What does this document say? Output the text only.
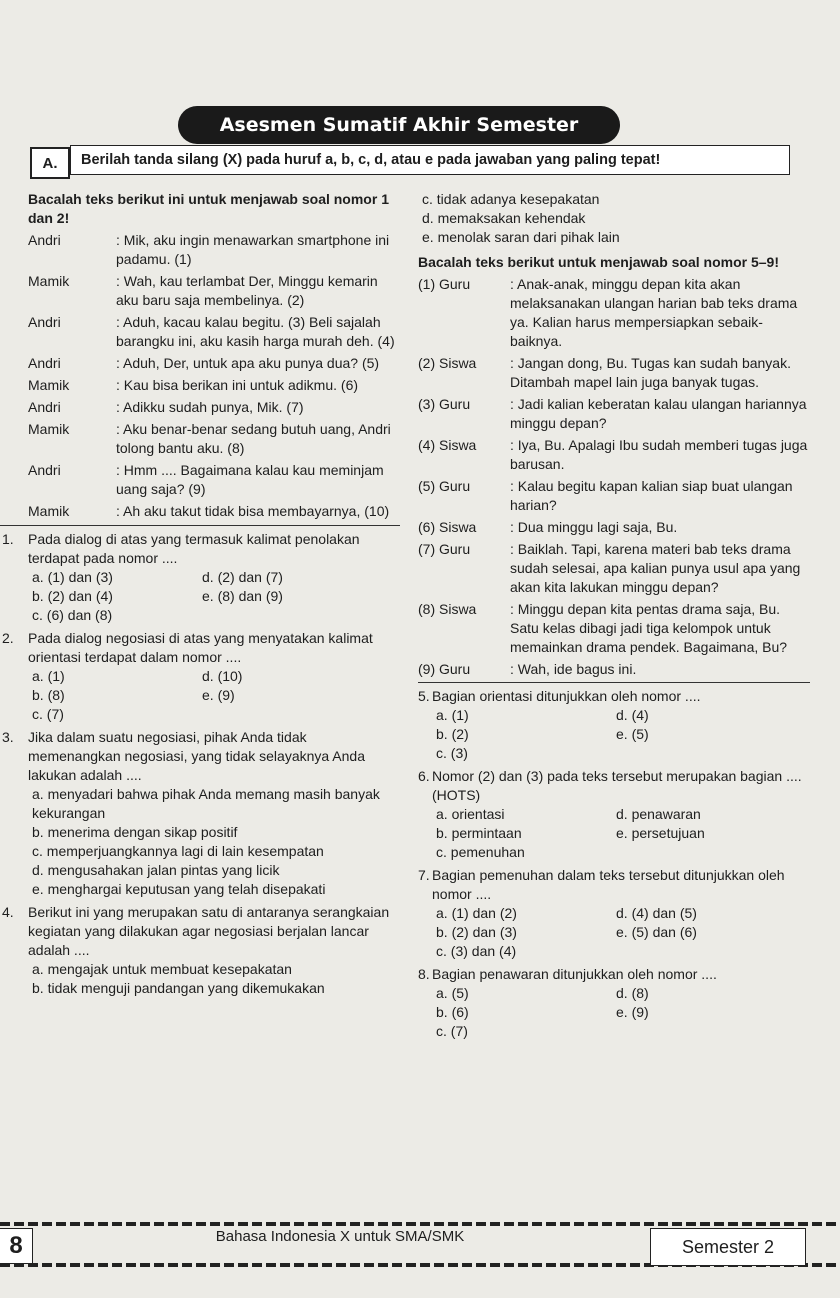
Asesmen Sumatif Akhir Semester
A.	Berilah tanda silang (X) pada huruf a, b, c, d, atau e pada jawaban yang paling tepat!

Bacalah teks berikut ini untuk menjawab soal nomor 1 dan 2!

Andri	: Mik, aku ingin menawarkan smartphone ini padamu. (1)
Mamik	: Wah, kau terlambat Der, Minggu kemarin aku baru saja membelinya. (2)
Andri	: Aduh, kacau kalau begitu. (3) Beli sajalah barangku ini, aku kasih harga murah deh. (4)
Andri	: Aduh, Der, untuk apa aku punya dua? (5)
Mamik	: Kau bisa berikan ini untuk adikmu. (6)
Andri	: Adikku sudah punya, Mik. (7)
Mamik	: Aku benar-benar sedang butuh uang, Andri tolong bantu aku. (8)
Andri	: Hmm .... Bagaimana kalau kau meminjam uang saja? (9)
Mamik	: Ah aku takut tidak bisa membayarnya, (10)
1. Pada dialog di atas yang termasuk kalimat penolakan terdapat pada nomor ....

a. (1) dan (3)	d. (2) dan (7)
b. (2) dan (4)	e. (8) dan (9)
c. (6) dan (8)
2. Pada dialog negosiasi di atas yang menyatakan kalimat orientasi terdapat dalam nomor ....

a. (1)	d. (10)
b. (8)	e. (9)
c. (7)
3. Jika dalam suatu negosiasi, pihak Anda tidak memenangkan negosiasi, yang tidak selayaknya Anda lakukan adalah ....

a. menyadari bahwa pihak Anda memang masih banyak kekurangan
b. menerima dengan sikap positif
c. memperjuangkannya lagi di lain kesempatan
d. mengusahakan jalan pintas yang licik
e. menghargai keputusan yang telah disepakati
4. Berikut ini yang merupakan satu di antaranya serangkaian kegiatan yang dilakukan agar negosiasi berjalan lancar adalah ....

a. mengajak untuk membuat kesepakatan
b. tidak menguji pandangan yang dikemukakan
c. tidak adanya kesepakatan
d. memaksakan kehendak
e. menolak saran dari pihak lain

Bacalah teks berikut untuk menjawab soal nomor 5–9!

(1) Guru	: Anak-anak, minggu depan kita akan melaksanakan ulangan harian bab teks drama ya. Kalian harus mempersiapkan sebaik-baiknya.
(2) Siswa	: Jangan dong, Bu. Tugas kan sudah banyak. Ditambah mapel lain juga banyak tugas.
(3) Guru	: Jadi kalian keberatan kalau ulangan hariannya minggu depan?
(4) Siswa	: Iya, Bu. Apalagi Ibu sudah memberi tugas juga barusan.
(5) Guru	: Kalau begitu kapan kalian siap buat ulangan harian?
(6) Siswa	: Dua minggu lagi saja, Bu.
(7) Guru	: Baiklah. Tapi, karena materi bab teks drama sudah selesai, apa kalian punya usul apa yang akan kita lakukan minggu depan?
(8) Siswa	: Minggu depan kita pentas drama saja, Bu. Satu kelas dibagi jadi tiga kelompok untuk memainkan drama pendek. Bagaimana, Bu?
(9) Guru	: Wah, ide bagus ini.
5. Bagian orientasi ditunjukkan oleh nomor ....

a. (1)	d. (4)
b. (2)	e. (5)
c. (3)
6. Nomor (2) dan (3) pada teks tersebut merupakan bagian .... (HOTS)

a. orientasi	d. penawaran
b. permintaan	e. persetujuan
c. pemenuhan
7. Bagian pemenuhan dalam teks tersebut ditunjukkan oleh nomor ....

a. (1) dan (2)	d. (4) dan (5)
b. (2) dan (3)	e. (5) dan (6)
c. (3) dan (4)
8. Bagian penawaran ditunjukkan oleh nomor ....

a. (5)	d. (8)
b. (6)	e. (9)
c. (7)
8	Bahasa Indonesia X untuk SMA/SMK	Semester 2
